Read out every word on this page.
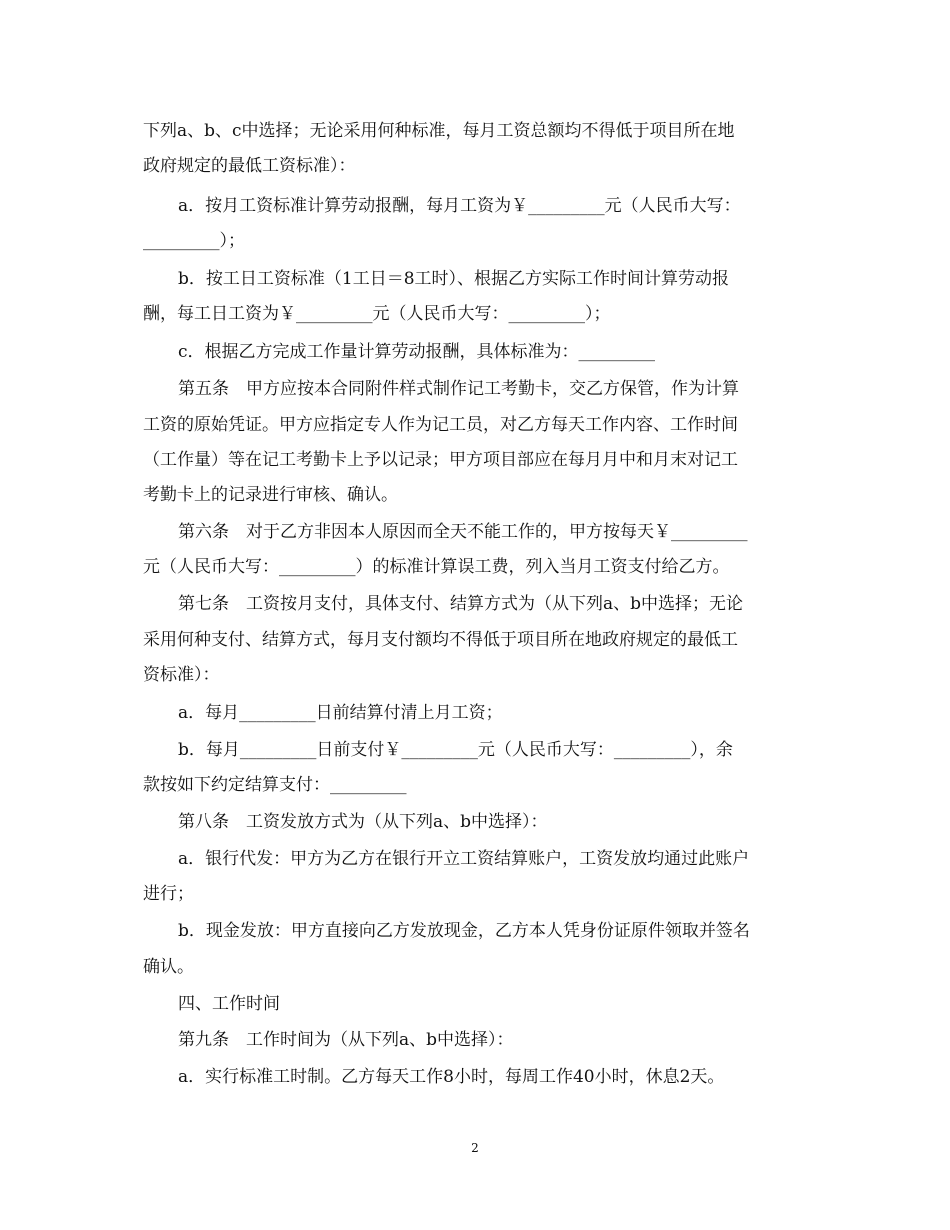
下列a、b、c中选择；无论采用何种标准，每月工资总额均不得低于项目所在地
政府规定的最低工资标准）：
a．按月工资标准计算劳动报酬，每月工资为￥_________元（人民币大写：
_________）；
b．按工日工资标准（1工日＝8工时）、根据乙方实际工作时间计算劳动报
酬，每工日工资为￥_________元（人民币大写：_________）；
c．根据乙方完成工作量计算劳动报酬，具体标准为：_________
第五条　甲方应按本合同附件样式制作记工考勤卡，交乙方保管，作为计算
工资的原始凭证。甲方应指定专人作为记工员，对乙方每天工作内容、工作时间
（工作量）等在记工考勤卡上予以记录；甲方项目部应在每月月中和月末对记工
考勤卡上的记录进行审核、确认。
第六条　对于乙方非因本人原因而全天不能工作的，甲方按每天￥_________
元（人民币大写：_________）的标准计算误工费，列入当月工资支付给乙方。
第七条　工资按月支付，具体支付、结算方式为（从下列a、b中选择；无论
采用何种支付、结算方式，每月支付额均不得低于项目所在地政府规定的最低工
资标准）：
a．每月_________日前结算付清上月工资；
b．每月_________日前支付￥_________元（人民币大写：_________），余
款按如下约定结算支付：_________
第八条　工资发放方式为（从下列a、b中选择）：
a．银行代发：甲方为乙方在银行开立工资结算账户，工资发放均通过此账户
进行；
b．现金发放：甲方直接向乙方发放现金，乙方本人凭身份证原件领取并签名
确认。
四、工作时间
第九条　工作时间为（从下列a、b中选择）：
a．实行标准工时制。乙方每天工作8小时，每周工作40小时，休息2天。
2
